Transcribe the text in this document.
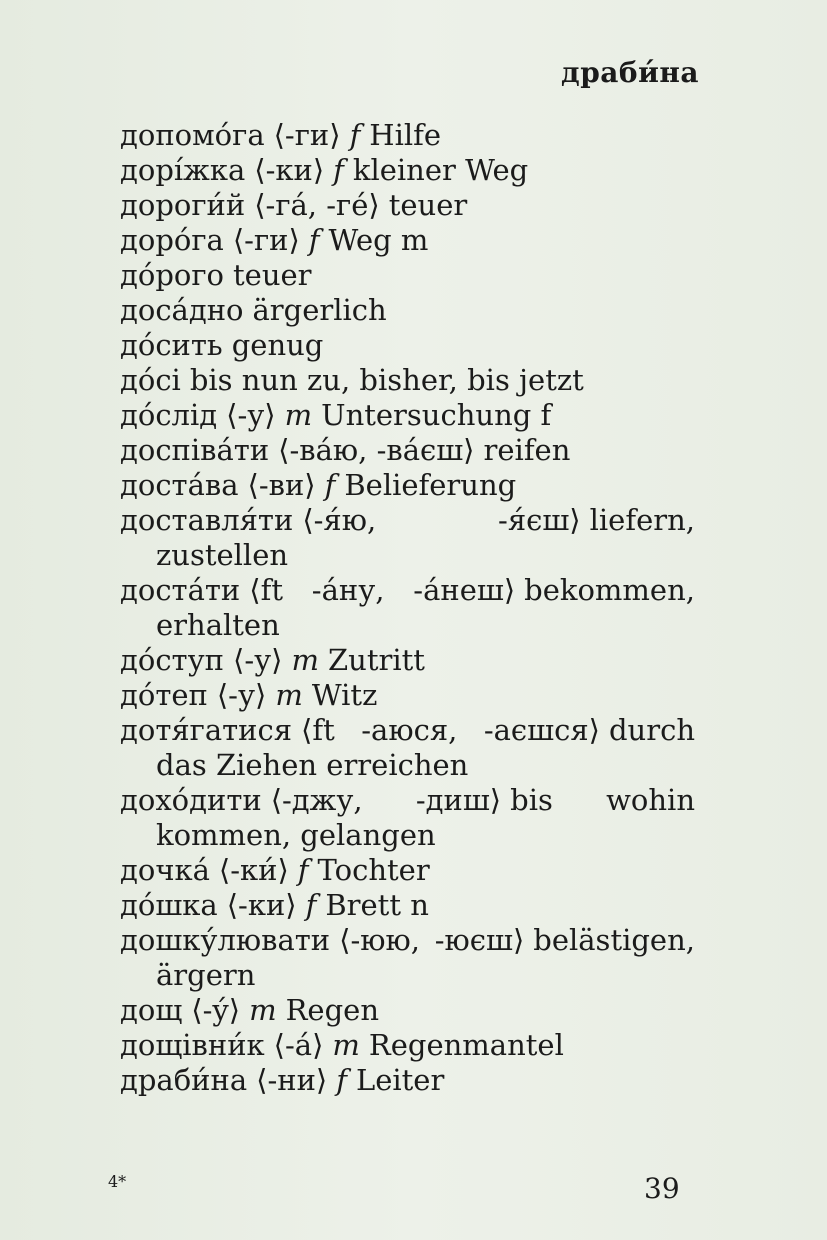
драби́на

допомóга ⟨-ги⟩ f Hilfe

дорíжка ⟨-ки⟩ f kleiner Weg

дороги́й ⟨-гá, -гé⟩ teuer

дорóга ⟨-ги⟩ f Weg m

дóрого teuer

досáдно ärgerlich

дóсить genug

дóсі bis nun zu, bisher, bis jetzt

дóслід ⟨-у⟩ m Untersuchung f

доспівáти ⟨-вáю, -вáєш⟩ reifen

достáва ⟨-ви⟩ f Belieferung

доставля́ти ⟨-я́ю, -я́єш⟩ liefern, zustellen

достáти ⟨ft -áну, -áнеш⟩ bekommen, erhalten

дóступ ⟨-у⟩ m Zutritt

дóтеп ⟨-у⟩ m Witz

дотя́гатися ⟨ft -аюся, -аєшся⟩ durch das Ziehen erreichen

дохóдити ⟨-джу, -диш⟩ bis wohin kommen, gelangen

дочкá ⟨-ки́⟩ f Tochter

дóшка ⟨-ки⟩ f Brett n

дошку́лювати ⟨-юю, -юєш⟩ belästigen, ärgern

дощ ⟨-ý⟩ m Regen

дощівни́к ⟨-á⟩ m Regenmantel

драби́на ⟨-ни⟩ f Leiter

4*	39
